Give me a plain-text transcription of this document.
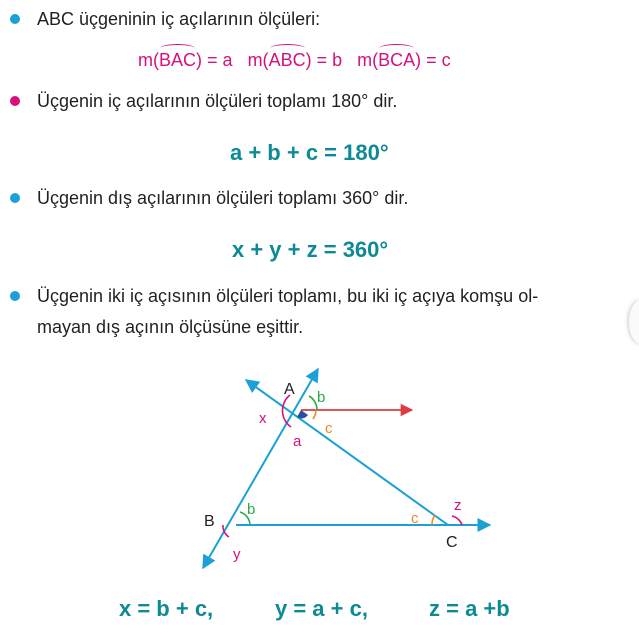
ABC üçgeninin iç açılarının ölçüleri:
m(BAC) = a m(ABC) = b m(BCA) = c
Üçgenin iç açılarının ölçüleri toplamı 180° dir.
a + b + c = 180°
Üçgenin dış açılarının ölçüleri toplamı 360° dir.
x + y + z = 360°
Üçgenin iki iç açısının ölçüleri toplamı, bu iki iç açıya komşu ol-
mayan dış açının ölçüsüne eşittir.
A
B
C
b
x
c
a
b
y
c
z
x = b + c,	y = a + c,	z = a +b
